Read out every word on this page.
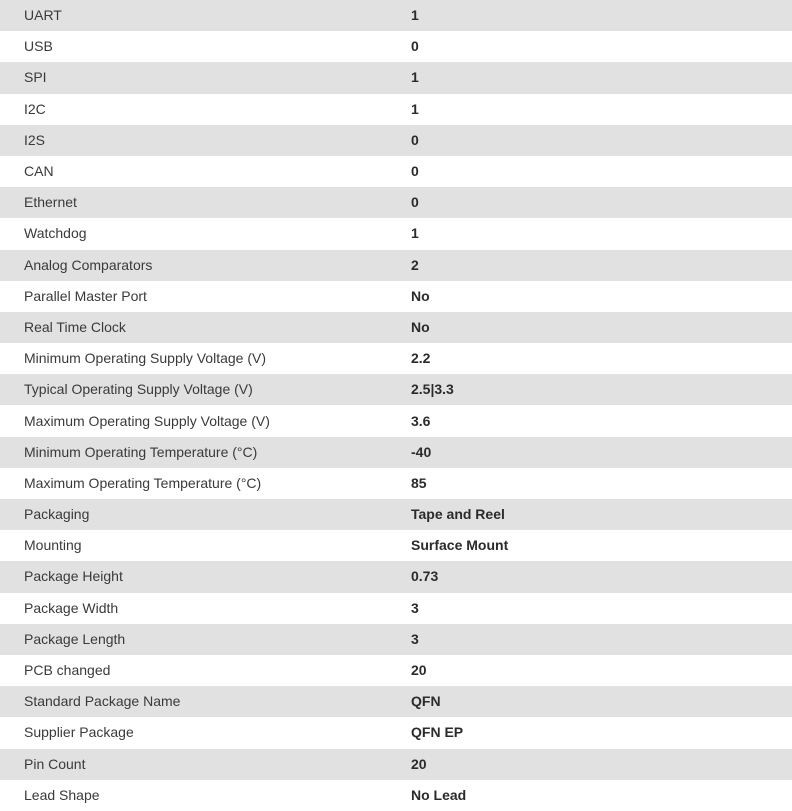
UART	1
USB	0
SPI	1
I2C	1
I2S	0
CAN	0
Ethernet	0
Watchdog	1
Analog Comparators	2
Parallel Master Port	No
Real Time Clock	No
Minimum Operating Supply Voltage (V)	2.2
Typical Operating Supply Voltage (V)	2.5|3.3
Maximum Operating Supply Voltage (V)	3.6
Minimum Operating Temperature (°C)	-40
Maximum Operating Temperature (°C)	85
Packaging	Tape and Reel
Mounting	Surface Mount
Package Height	0.73
Package Width	3
Package Length	3
PCB changed	20
Standard Package Name	QFN
Supplier Package	QFN EP
Pin Count	20
Lead Shape	No Lead
